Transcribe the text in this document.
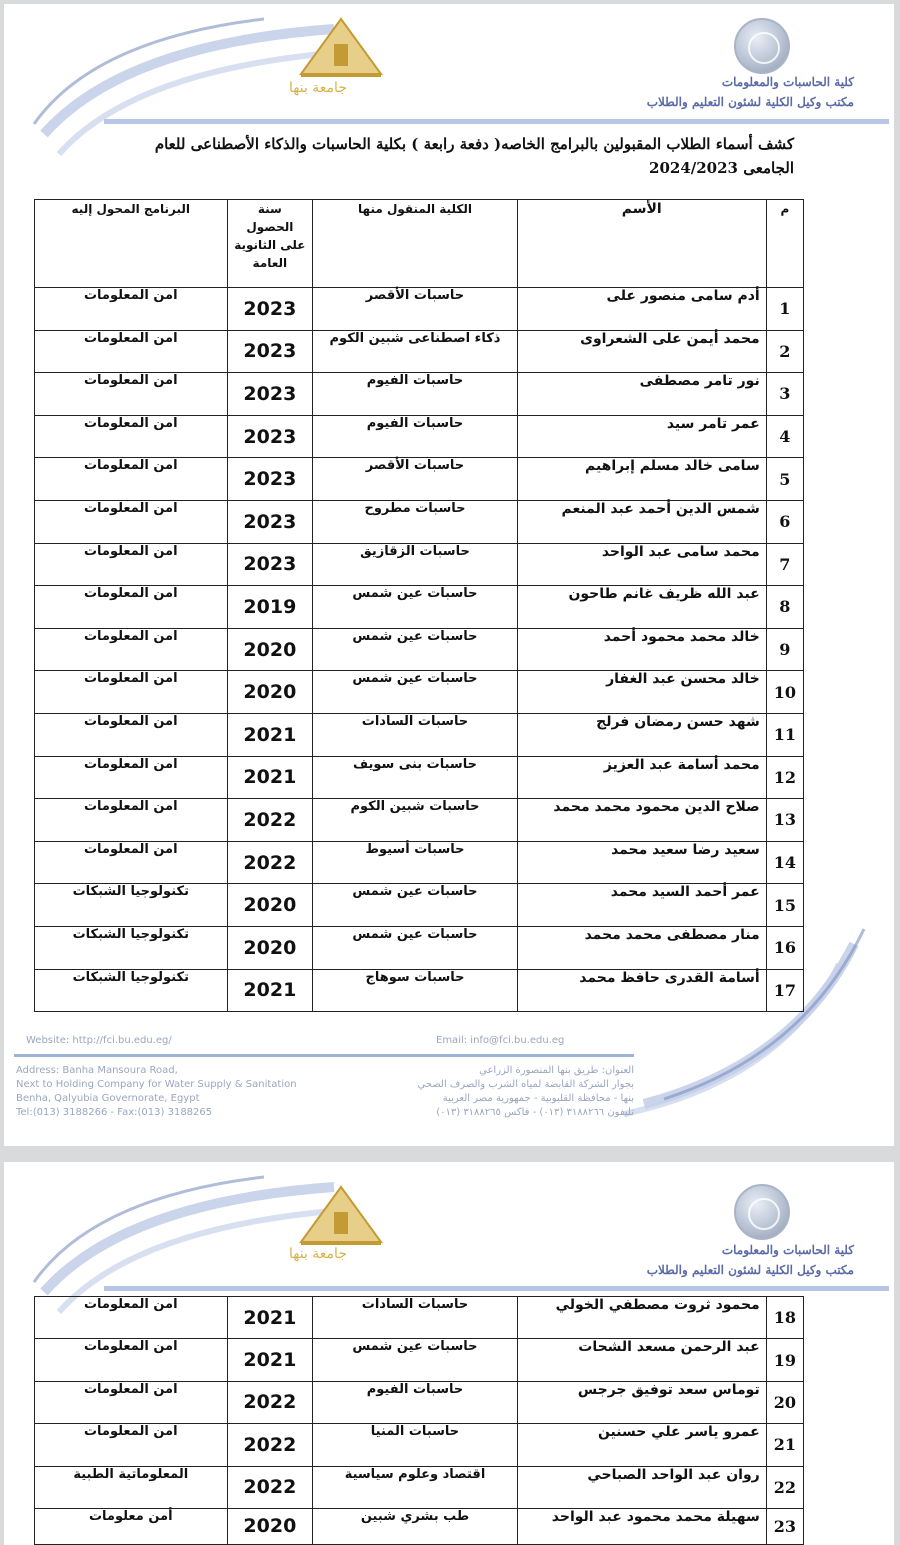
جامعة بنها	كلية الحاسبات والمعلومات
مكتب وكيل الكلية لشئون التعليم والطلاب
كشف أسماء الطلاب المقبولين بالبرامج الخاصه( دفعة رابعة ) بكلية الحاسبات والذكاء الأصطناعى للعام
الجامعى 2024/2023
م	الأسم	الكلية المنقول منها	سنة الحصول على الثانوية العامة	البرنامج المحول إليه
1	أدم سامى منصور على	حاسبات الأقصر	2023	امن المعلومات
2	محمد أيمن على الشعراوى	ذكاء اصطناعى شبين الكوم	2023	امن المعلومات
3	نور تامر مصطفى	حاسبات الفيوم	2023	امن المعلومات
4	عمر تامر سيد	حاسبات الفيوم	2023	امن المعلومات
5	سامى خالد مسلم إبراهيم	حاسبات الأقصر	2023	امن المعلومات
6	شمس الدين أحمد عبد المنعم	حاسبات مطروح	2023	امن المعلومات
7	محمد سامى عبد الواحد	حاسبات الزقازيق	2023	امن المعلومات
8	عبد الله ظريف غانم طاحون	حاسبات عين شمس	2019	امن المعلومات
9	خالد محمد محمود أحمد	حاسبات عين شمس	2020	امن المعلومات
10	خالد محسن عبد الغفار	حاسبات عين شمس	2020	امن المعلومات
11	شهد حسن رمضان فرلج	حاسبات السادات	2021	امن المعلومات
12	محمد أسامة عبد العزيز	حاسبات بنى سويف	2021	امن المعلومات
13	صلاح الدين محمود محمد محمد	حاسبات شبين الكوم	2022	امن المعلومات
14	سعيد رضا سعيد محمد	حاسبات أسيوط	2022	امن المعلومات
15	عمر أحمد السيد محمد	حاسبات عين شمس	2020	تكنولوجيا الشبكات
16	منار مصطفى محمد محمد	حاسبات عين شمس	2020	تكنولوجيا الشبكات
17	أسامة القدرى حافظ محمد	حاسبات سوهاج	2021	تكنولوجيا الشبكات
Website: http://fci.bu.edu.eg/	Email: info@fci.bu.edu.eg
Address: Banha Mansoura Road,
Next to Holding Company for Water Supply & Sanitation
Benha, Qalyubia Governorate, Egypt
Tel:(013) 3188266 - Fax:(013) 3188265
العنوان: طريق بنها المنصورة الزراعي
بجوار الشركة القابضة لمياه الشرب والصرف الصحي
بنها - محافظة القليوبية - جمهورية مصر العربية
تليفون ٣١٨٨٢٦٦ (٠١٣) - فاكس ٣١٨٨٢٦٥ (٠١٣)
جامعة بنها	كلية الحاسبات والمعلومات
مكتب وكيل الكلية لشئون التعليم والطلاب
18	محمود ثروت مصطفي الخولي	حاسبات السادات	2021	امن المعلومات
19	عبد الرحمن مسعد الشحات	حاسبات عين شمس	2021	امن المعلومات
20	توماس سعد توفيق جرجس	حاسبات الفيوم	2022	امن المعلومات
21	عمرو ياسر علي حسنين	حاسبات المنيا	2022	امن المعلومات
22	روان عبد الواحد الصباحي	اقتصاد وعلوم سياسية	2022	المعلوماتية الطبية
23	سهيلة محمد محمود عبد الواحد	طب بشري شبين	2020	أمن معلومات
